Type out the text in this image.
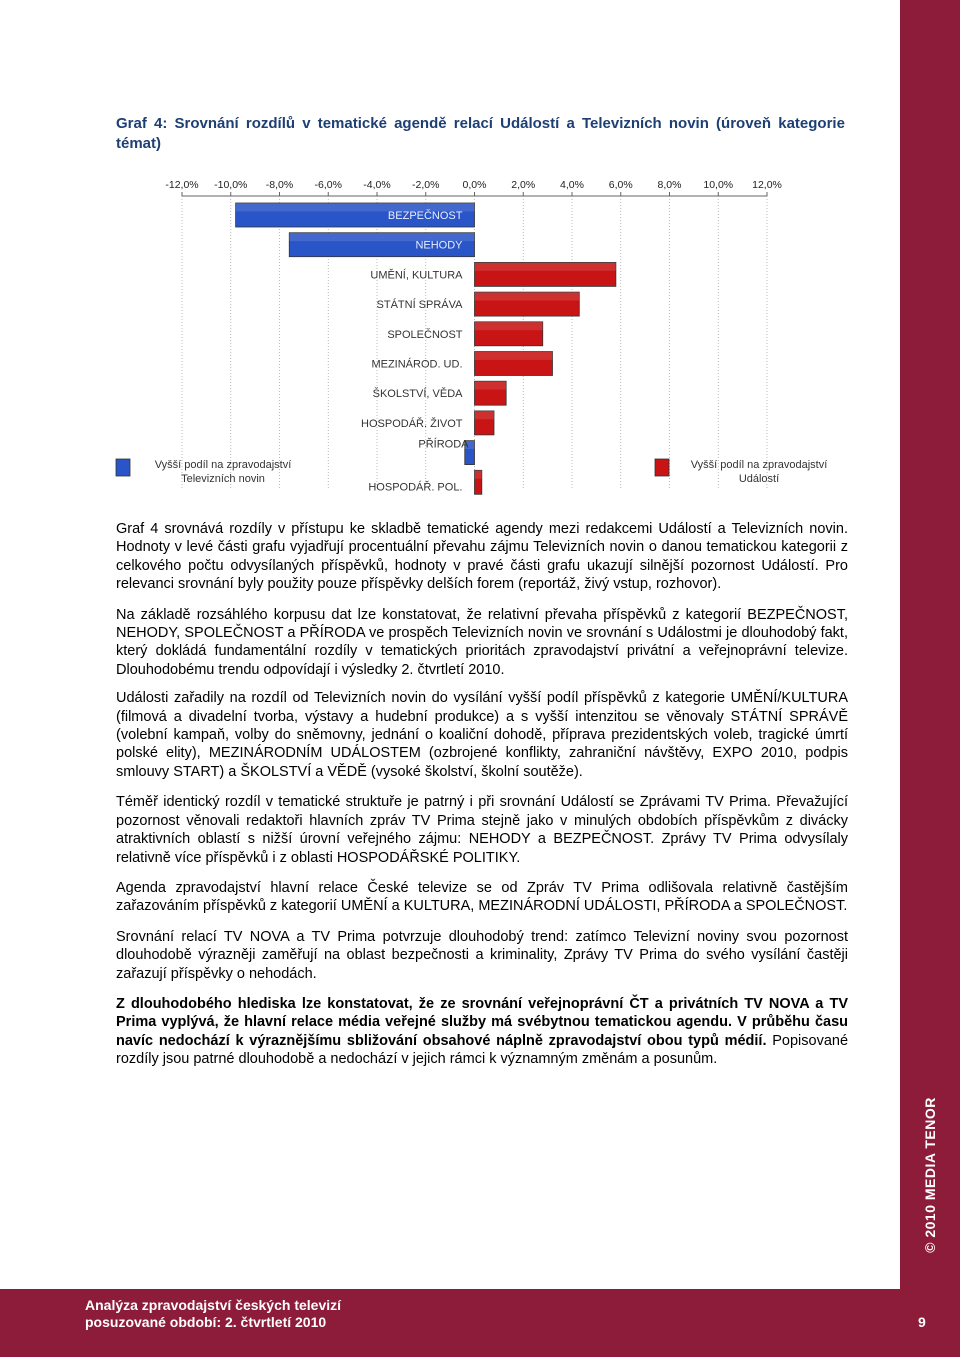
© 2010 MEDIA TENOR
Graf 4: Srovnání rozdílů v tematické agendě relací Událostí a Televizních novin (úroveň kategorie témat)
-12,0% -10,0% -8,0% -6,0% -4,0% -2,0% 0,0% 2,0% 4,0% 6,0% 8,0% 10,0% 12,0%
BEZPEČNOST
NEHODY
UMĚNÍ, KULTURA
STÁTNÍ SPRÁVA
SPOLEČNOST
MEZINÁROD. UD.
ŠKOLSTVÍ, VĚDA
HOSPODÁŘ. ŽIVOT
PŘÍRODA
HOSPODÁŘ. POL.
Vyšší podíl na zpravodajství
Televizních novin
Vyšší podíl na zpravodajství
Událostí

Graf 4 srovnává rozdíly v přístupu ke skladbě tematické agendy mezi redakcemi Událostí a Televizních novin. Hodnoty v levé části grafu vyjadřují procentuální převahu zájmu Televizních novin o danou tematickou kategorii z celkového počtu odvysílaných příspěvků, hodnoty v pravé části grafu ukazují silnější pozornost Událostí. Pro relevanci srovnání byly použity pouze příspěvky delších forem (reportáž, živý vstup, rozhovor).

Na základě rozsáhlého korpusu dat lze konstatovat, že relativní převaha příspěvků z kategorií BEZPEČNOST, NEHODY, SPOLEČNOST a PŘÍRODA ve prospěch Televizních novin ve srovnání s Událostmi je dlouhodobý fakt, který dokládá fundamentální rozdíly v tematických prioritách zpravodajství privátní a veřejnoprávní televize. Dlouhodobému trendu odpovídají i výsledky 2. čtvrtletí 2010.

Události zařadily na rozdíl od Televizních novin do vysílání vyšší podíl příspěvků z kategorie UMĚNÍ/KULTURA (filmová a divadelní tvorba, výstavy a hudební produkce) a s vyšší intenzitou se věnovaly STÁTNÍ SPRÁVĚ (volební kampaň, volby do sněmovny, jednání o koaliční dohodě, příprava prezidentských voleb, tragické úmrtí polské elity), MEZINÁRODNÍM UDÁLOSTEM (ozbrojené konflikty, zahraniční návštěvy, EXPO 2010, podpis smlouvy START) a ŠKOLSTVÍ a VĚDĚ (vysoké školství, školní soutěže).

Téměř identický rozdíl v tematické struktuře je patrný i při srovnání Událostí se Zprávami TV Prima. Převažující pozornost věnovali redaktoři hlavních zpráv TV Prima stejně jako v minulých obdobích příspěvkům z divácky atraktivních oblastí s nižší úrovní veřejného zájmu: NEHODY a BEZPEČNOST. Zprávy TV Prima odvysílaly relativně více příspěvků i z oblasti HOSPODÁŘSKÉ POLITIKY.

Agenda zpravodajství hlavní relace České televize se od Zpráv TV Prima odlišovala relativně častějším zařazováním příspěvků z kategorií UMĚNÍ a KULTURA, MEZINÁRODNÍ UDÁLOSTI, PŘÍRODA a SPOLEČNOST.

Srovnání relací TV NOVA a TV Prima potvrzuje dlouhodobý trend: zatímco Televizní noviny svou pozornost dlouhodobě výrazněji zaměřují na oblast bezpečnosti a kriminality, Zprávy TV Prima do svého vysílání častěji zařazují příspěvky o nehodách.

Z dlouhodobého hlediska lze konstatovat, že ze srovnání veřejnoprávní ČT a privátních TV NOVA a TV Prima vyplývá, že hlavní relace média veřejné služby má svébytnou tematickou agendu. V průběhu času navíc nedochází k výraznějšímu sbližování obsahové náplně zpravodajství obou typů médií. Popisované rozdíly jsou patrné dlouhodobě a nedochází v jejich rámci k významným změnám a posunům.

Analýza zpravodajství českých televizí
posuzované období: 2. čtvrtletí 2010	9
